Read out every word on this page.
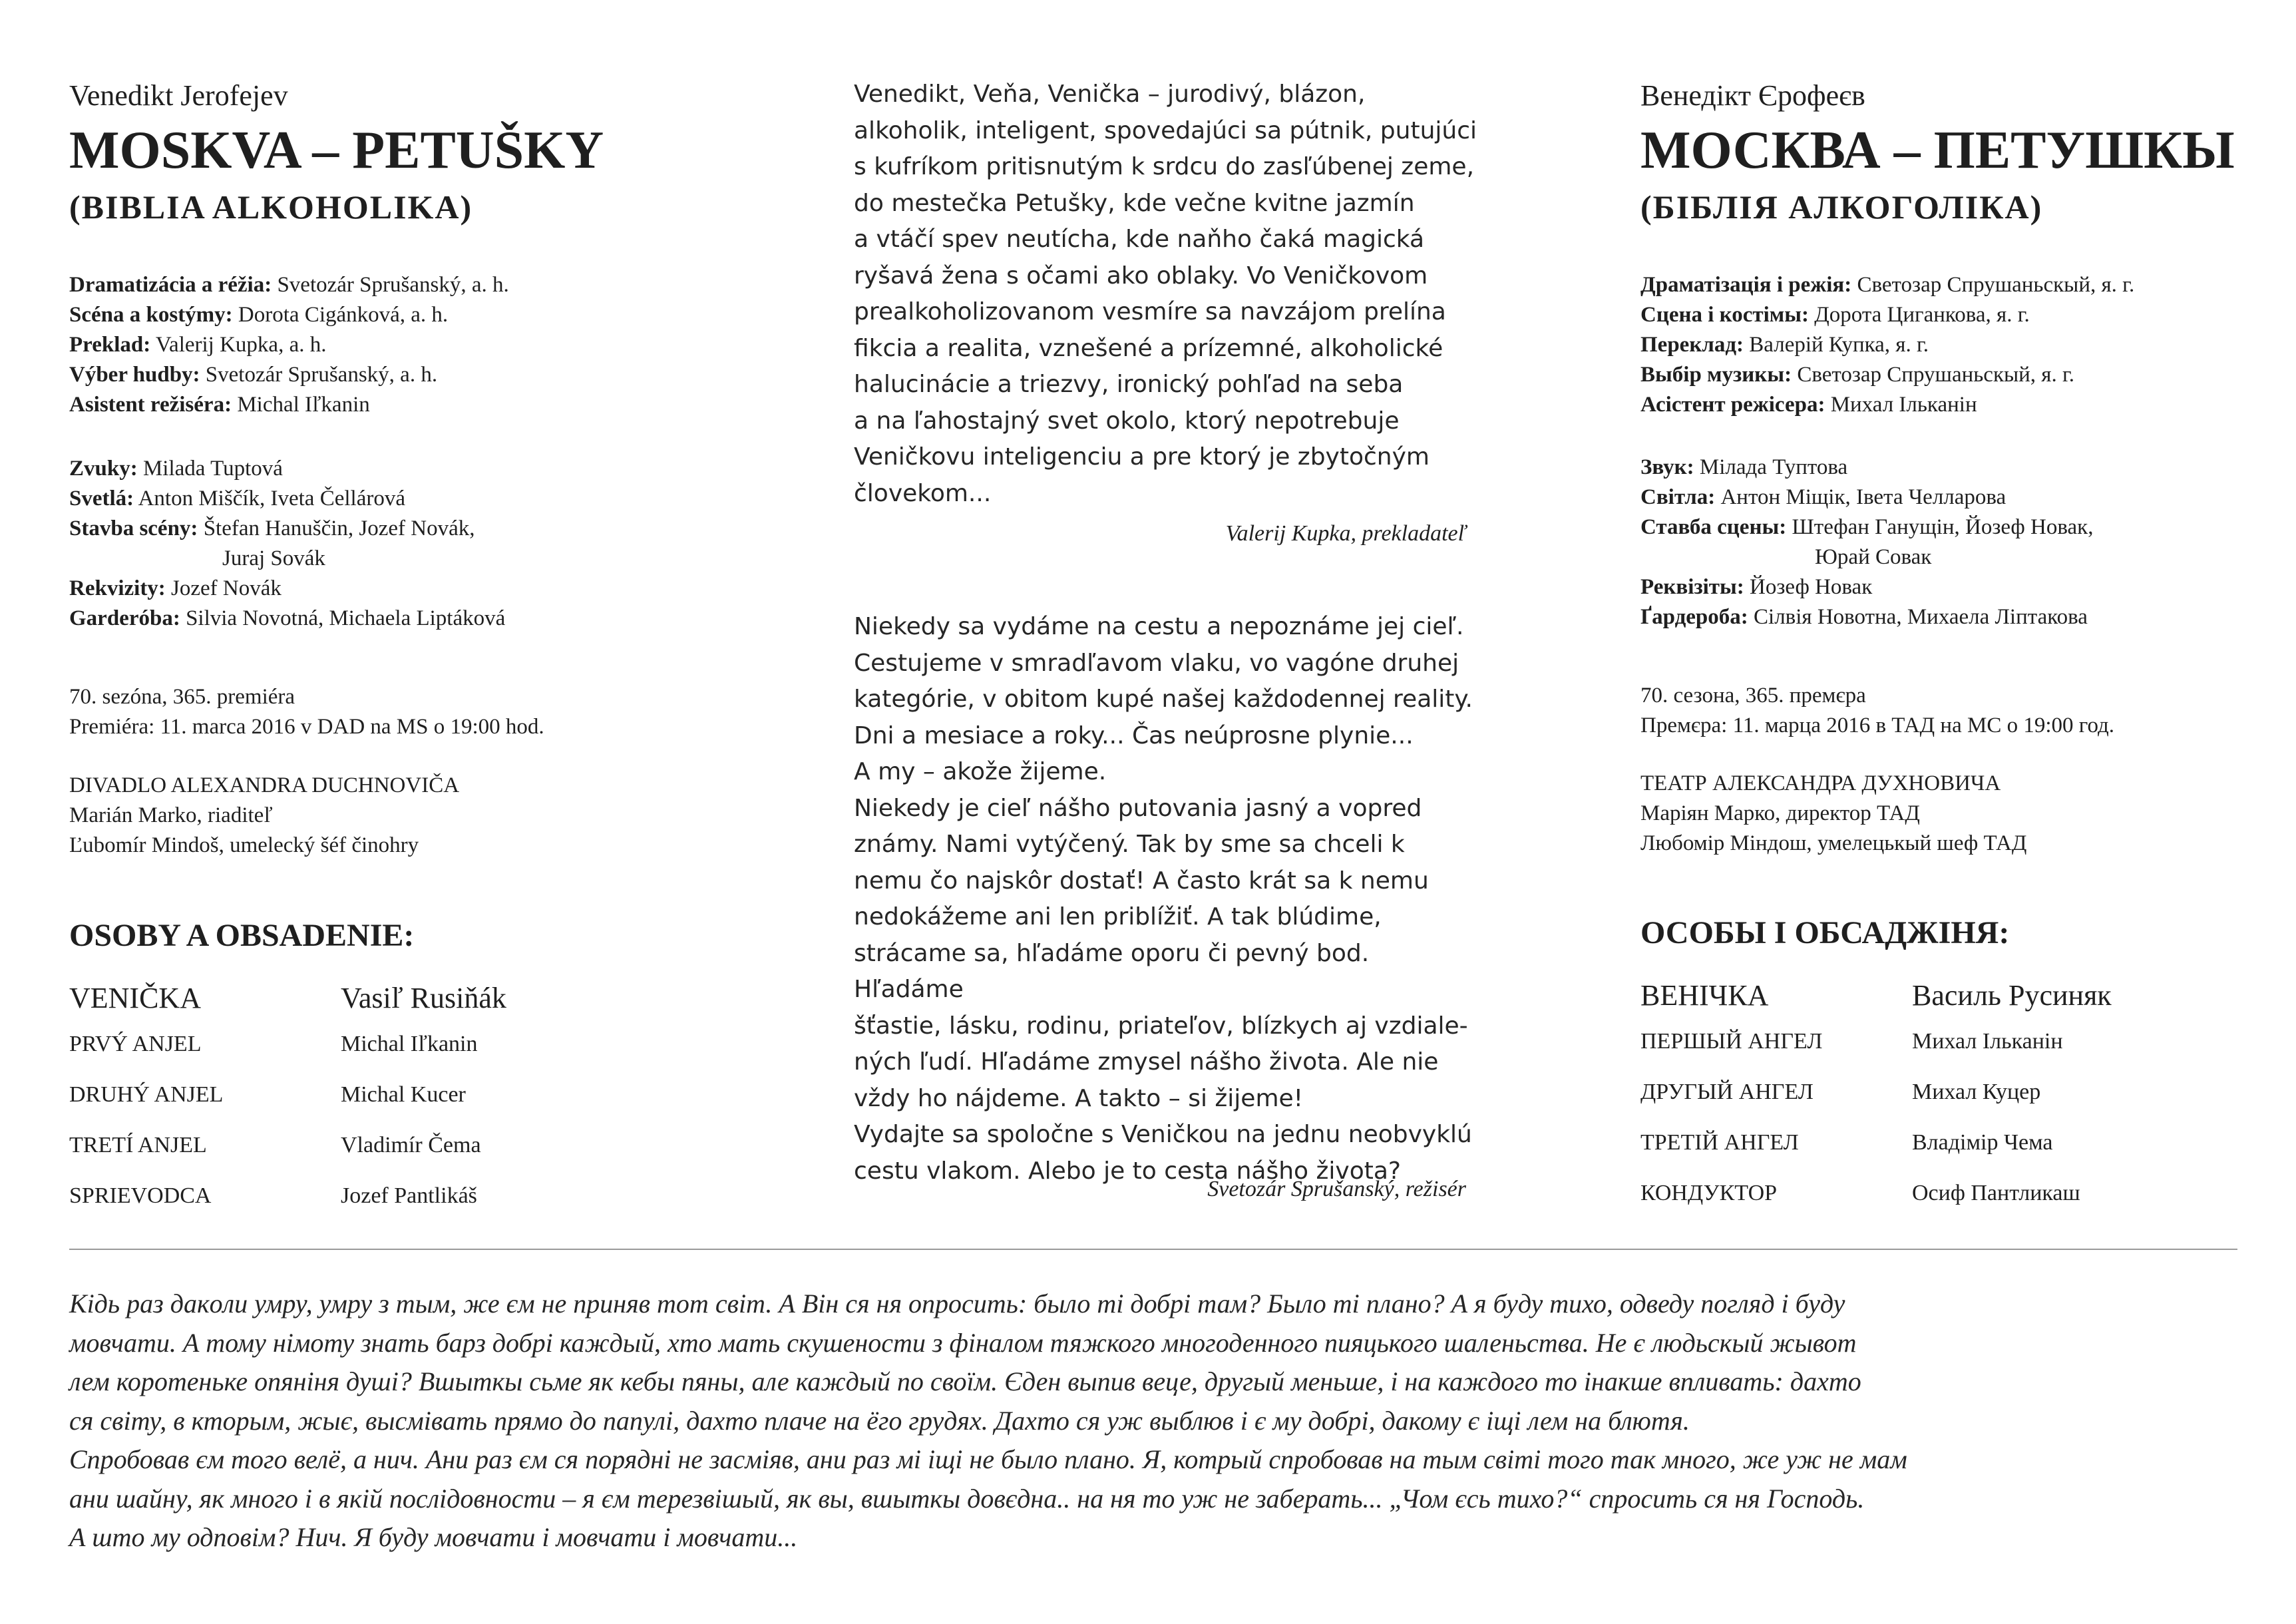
Venedikt Jerofejev
MOSKVA – PETUŠKY
(BIBLIA ALKOHOLIKA)
Dramatizácia a réžia: Svetozár Sprušanský, a. h.
Scéna a kostýmy: Dorota Cigánková, a. h.
Preklad: Valerij Kupka, a. h.
Výber hudby: Svetozár Sprušanský, a. h.
Asistent režiséra: Michal Iľkanin
Zvuky: Milada Tuptová
Svetlá: Anton Miščík, Iveta Čellárová
Stavba scény: Štefan Hanuščin, Jozef Novák,
Juraj Sovák
Rekvizity: Jozef Novák
Garderóba: Silvia Novotná, Michaela Liptáková
70. sezóna, 365. premiéra
Premiéra: 11. marca 2016 v DAD na MS o 19:00 hod.
DIVADLO ALEXANDRA DUCHNOVIČA
Marián Marko, riaditeľ
Ľubomír Mindoš, umelecký šéf činohry
OSOBY A OBSADENIE:
VENIČKA	Vasiľ Rusiňák
PRVÝ ANJEL	Michal Iľkanin
DRUHÝ ANJEL	Michal Kucer
TRETÍ ANJEL	Vladimír Čema
SPRIEVODCA	Jozef Pantlikáš
Venedikt, Veňa, Venička – jurodivý, blázon,
alkoholik, inteligent, spovedajúci sa pútnik, putujúci
s kufríkom pritisnutým k srdcu do zasľúbenej zeme,
do mestečka Petušky, kde večne kvitne jazmín
a vtáčí spev neutícha, kde naňho čaká magická
ryšavá žena s očami ako oblaky. Vo Veničkovom
prealkoholizovanom vesmíre sa navzájom prelína
fikcia a realita, vznešené a prízemné, alkoholické
halucinácie a triezvy, ironický pohľad na seba
a na ľahostajný svet okolo, ktorý nepotrebuje
Veničkovu inteligenciu a pre ktorý je zbytočným
človekom...
Valerij Kupka, prekladateľ
Niekedy sa vydáme na cestu a nepoznáme jej cieľ.
Cestujeme v smradľavom vlaku, vo vagóne druhej
kategórie, v obitom kupé našej každodennej reality.
Dni a mesiace a roky... Čas neúprosne plynie...
A my – akože žijeme.
Niekedy je cieľ nášho putovania jasný a vopred
známy. Nami vytýčený. Tak by sme sa chceli k
nemu čo najskôr dostať! A často krát sa k nemu
nedokážeme ani len priblížiť. A tak blúdime,
strácame sa, hľadáme oporu či pevný bod. Hľadáme
šťastie, lásku, rodinu, priateľov, blízkych aj vzdiale-
ných ľudí. Hľadáme zmysel nášho života. Ale nie
vždy ho nájdeme. A takto – si žijeme!
Vydajte sa spoločne s Veničkou na jednu neobvyklú
cestu vlakom. Alebo je to cesta nášho života?
Svetozár Sprušanský, režisér
Венедікт Єрофеєв
МОСКВА – ПЕТУШКЫ
(БІБЛІЯ АЛКОГОЛІКА)
Драматізація і режія: Светозар Спрушаньскый, я. г.
Сцена і костімы: Дорота Циганкова, я. г.
Переклад: Валерій Купка, я. г.
Выбір музикы: Светозар Спрушаньскый, я. г.
Асістент режісера: Михал Ільканін
Звук: Мілада Туптова
Світла: Антон Міщік, Івета Челларова
Ставба сцены: Штефан Ганущін, Йозеф Новак,
Юрай Совак
Реквізіты: Йозеф Новак
Ґардероба: Сілвія Новотна, Михаела Ліптакова
70. сезона, 365. премєра
Премєра: 11. марца 2016 в ТАД на МС о 19:00 год.
ТЕАТР АЛЕКСАНДРА ДУХНОВИЧА
Маріян Марко, директор ТАД
Любомір Міндош, умелецькый шеф ТАД
ОСОБЫ І ОБСАДЖІНЯ:
ВЕНІЧКА	Василь Русиняк
ПЕРШЫЙ АНГЕЛ	Михал Ільканін
ДРУГЫЙ АНГЕЛ	Михал Куцер
ТРЕТІЙ АНГЕЛ	Владімір Чема
КОНДУКТОР	Осиф Пантликаш
Кідь раз дакoли умру, умру з тым, же єм не приняв тот світ. А Він ся ня опросить: было ті добрі там? Было ті плано? А я буду тихо, одведу погляд і буду
мовчати. А тому німоту знать барз добрі каждый, хто мать скушености з фіналом тяжкого многоденного пияцького шаленьства. Не є людьскый жывот
лем коротеньке опяніня душі? Вшыткы сьме як кебы пяны, але каждый по своїм. Єден выпив веце, другый меньше, і на каждого то інакше впливать: дахто
ся світу, в кторым, жыє, высмівать прямо до папулі, дахто плаче на ёго грудях. Дахто ся уж выблюв і є му добрі, дакому є іщі лем на блютя.
Спробовав єм того велё, а нич. Ани раз єм ся порядні не засміяв, ани раз мі іщі не было плано. Я, котрый спробовав на тым світі того так много, же уж не мам
ани шайну, як много і в якій послідовности – я єм терезвішый, як вы, вшыткы довєдна.. на ня то уж не заберать... „Чом єсь тихо?“ спросить ся ня Господь.
А што му одповім? Нич. Я буду мовчати і мовчати і мовчати...
